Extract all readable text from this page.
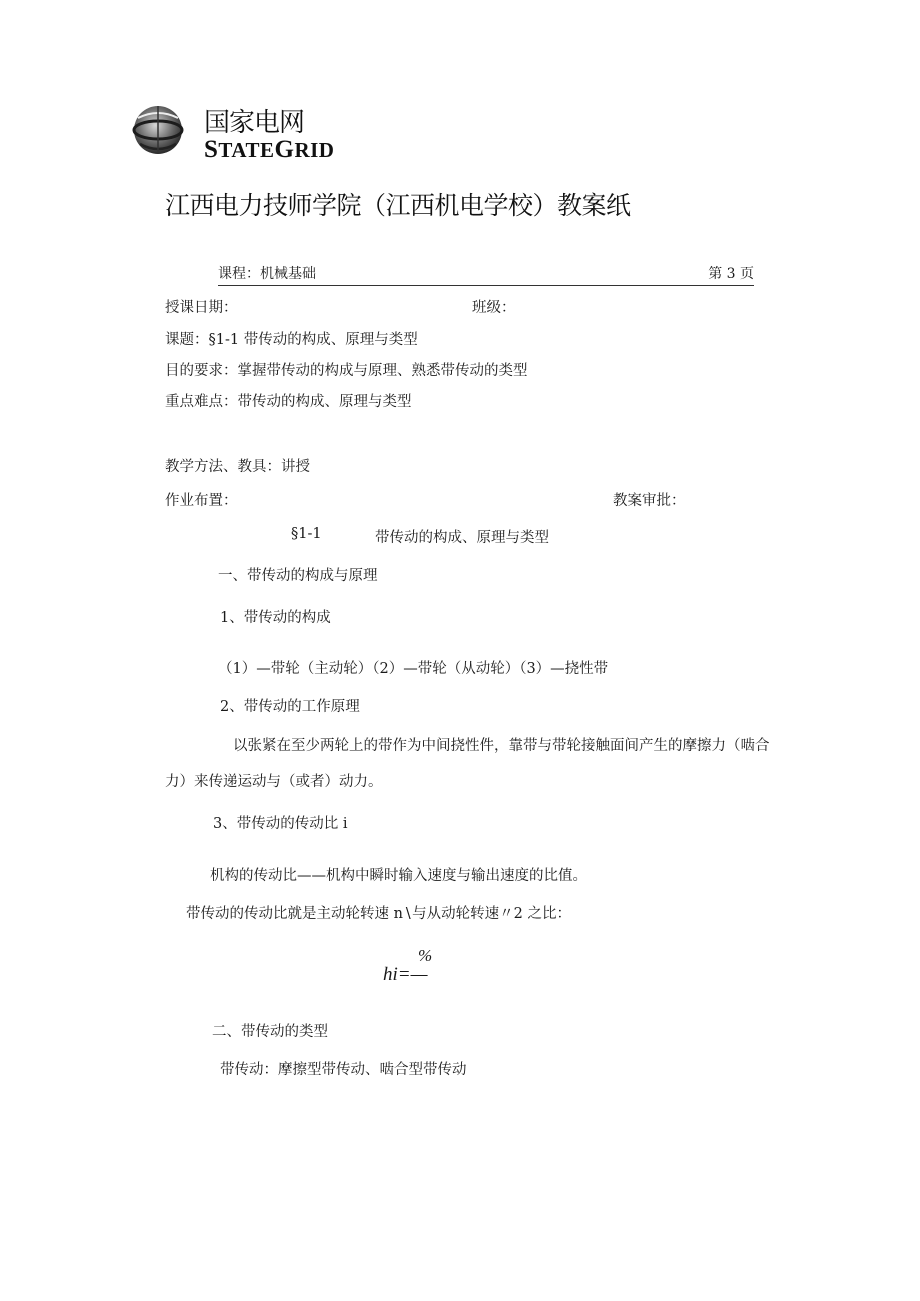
国家电网
STATEGRID
江西电力技师学院（江西机电学校）教案纸
课程：机械基础	第 3 页
授课日期：	班级：
课题：§1-1 带传动的构成、原理与类型
目的要求：掌握带传动的构成与原理、熟悉带传动的类型
重点难点：带传动的构成、原理与类型
教学方法、教具：讲授
作业布置：	教案审批：
§1-1	带传动的构成、原理与类型
一、带传动的构成与原理
1、带传动的构成
（1）—带轮（主动轮）（2）—带轮（从动轮）（3）—挠性带
2、带传动的工作原理
以张紧在至少两轮上的带作为中间挠性件，靠带与带轮接触面间产生的摩擦力（啮合
力）来传递运动与（或者）动力。
3、带传动的传动比 i
机构的传动比——机构中瞬时输入速度与输出速度的比值。
带传动的传动比就是主动轮转速 n∖与从动轮转速〃2 之比：
%
hi=—
二、带传动的类型
带传动：摩擦型带传动、啮合型带传动
